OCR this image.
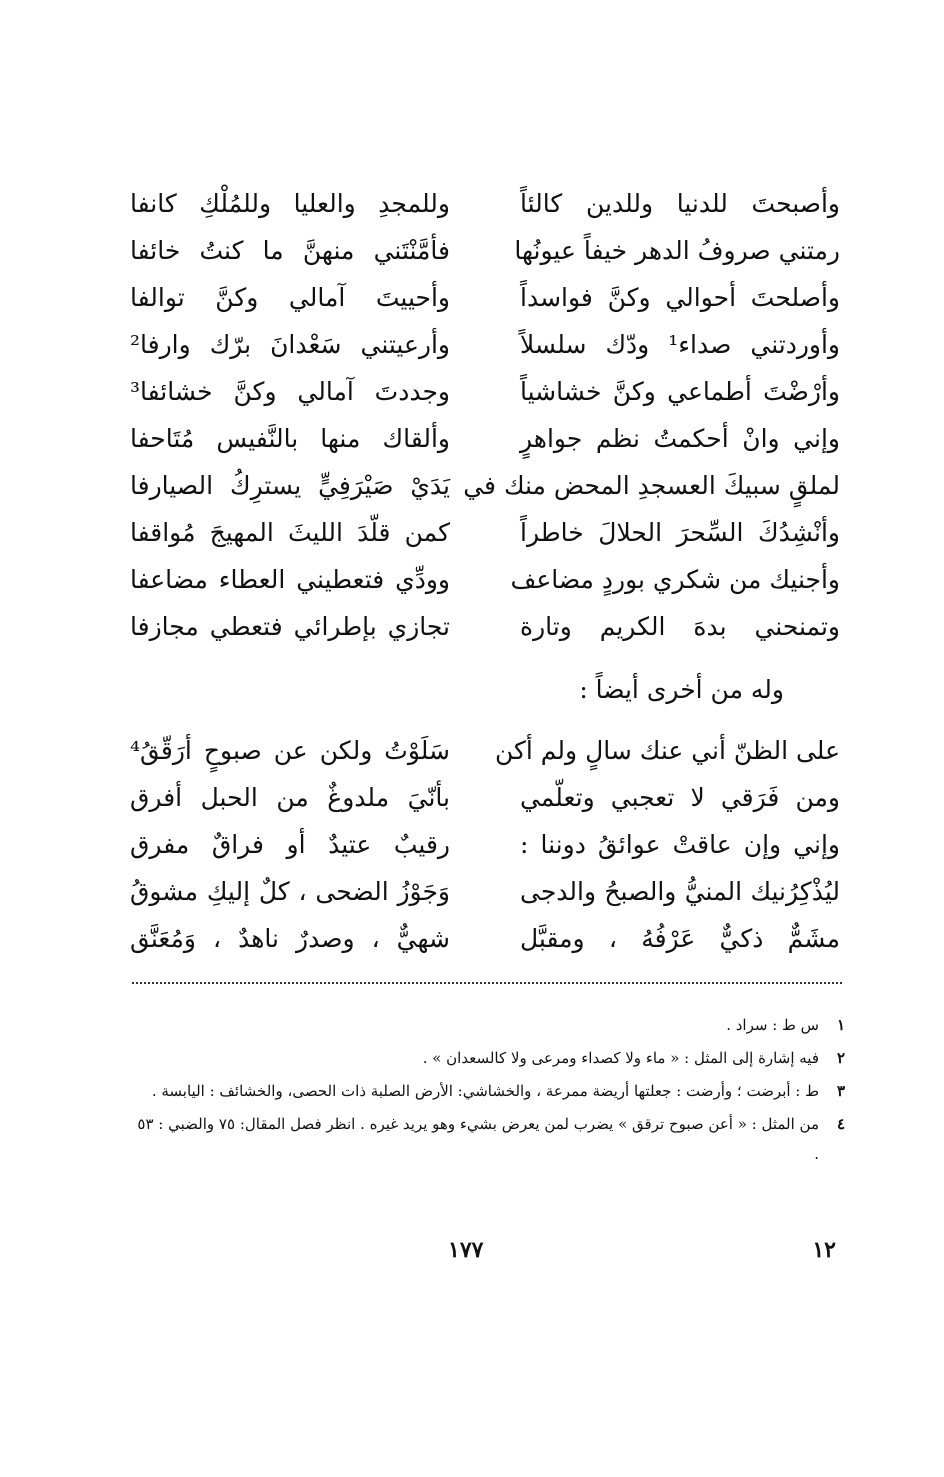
وأصبحتَ للدنيا وللدين كالئاً
وللمجدِ والعليا وللمُلْكِ كانفا
رمتني صروفُ الدهر خيفاً عيونُها
فأمَّنْتَني منهنَّ ما كنتُ خائفا
وأصلحتَ أحوالي وكنَّ فواسداً
وأحييتَ آمالي وكنَّ توالفا
وأوردتني صداء¹ ودّك سلسلاً
وأرعيتني سَعْدانَ برّك وارفا²
وأرْضْتَ أطماعي وكنَّ خشاشياً
وجددتَ آمالي وكنَّ خشائفا³
وإني وانْ أحكمتُ نظم جواهرٍ
وألقاك منها بالنَّفيس مُتَاحفا
لملقٍ سبيكَ العسجدِ المحض منك في
يَدَيْ صَيْرَفِيٍّ يسترِكُ الصيارفا
وأنْشِدُكَ السِّحرَ الحلالَ خاطراً
كمن قلّدَ الليثَ المهيجَ مُواقفا
وأجنيك من شكري بوردٍ مضاعف
وودِّي فتعطيني العطاء مضاعفا
وتمنحني بدهَ الكريم وتارة
تجازي بإطرائي فتعطي مجازفا
وله من أخرى أيضاً :
على الظنّ أني عنك سالٍ ولم أكن
سَلَوْتُ ولكن عن صبوحٍ أرَقّقُ⁴
ومن فَرَقي لا تعجبي وتعلّمي
بأنّيَ ملدوغٌ من الحبل أفرق
وإني وإن عاقتْ عوائقُ دوننا :
رقيبٌ عتيدٌ أو فراقٌ مفرق
ليُذْكِرُنيك المنيُّ والصبحُ والدجى
وَجَوْزُ الضحى ، كلٌ إليكِ مشوقُ
مشَمٌّ ذكيٌّ عَرْفُهُ ، ومقبَّل
شهيٌّ ، وصدرٌ ناهدٌ ، وَمُعَنَّق
١
س ط : سراد .
٢
فيه إشارة إلى المثل : « ماء ولا كصداء ومرعى ولا كالسعدان » .
٣
ط : أبرضت ؛ وأرضت : جعلتها أريضة ممرعة ، والخشاشي: الأرض الصلبة ذات الحصى، والخشائف : اليابسة .
٤
من المثل : « أعن صبوح ترقق » يضرب لمن يعرض بشيء وهو يريد غيره . انظر فصل المقال: ٧٥ والضبي : ٥٣ .
١٧٧	١٢
